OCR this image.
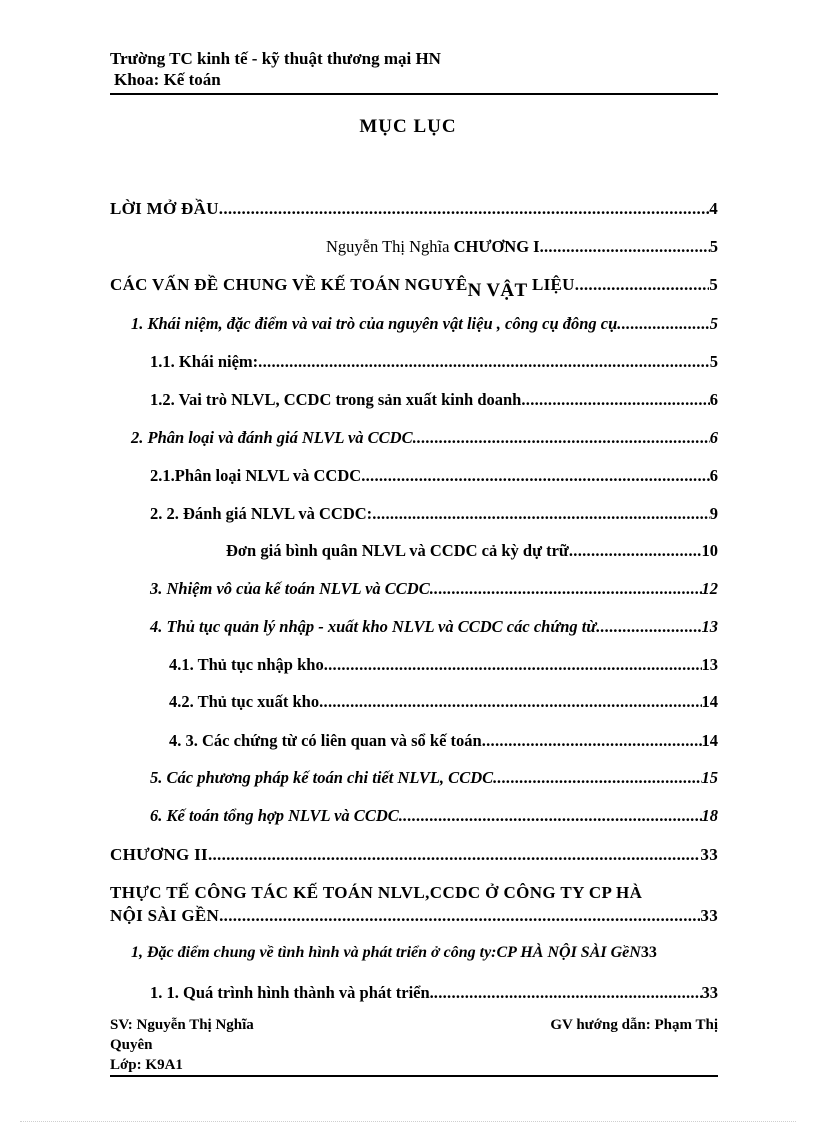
Trường TC kinh tế - kỹ thuật thương mại HN
Khoa: Kế toán
MỤC LỤC
LỜI MỞ ĐẦU .....	4
Nguyễn Thị Nghĩa CHƯƠNG I .....	5
CÁC VẤN ĐỀ CHUNG VỀ KẾ TOÁN NGUYÊN VẬT LIỆU .....	5
1. Khái niệm, đặc điểm và vai trò của nguyên vật liệu , công cụ đông cụ .....	5
1.1. Khái niệm: .....	5
1.2. Vai trò NLVL, CCDC trong sản xuất kinh doanh .....	6
2. Phân loại và đánh giá NLVL và CCDC .....	6
2.1.Phân loại NLVL và CCDC .....	6
2. 2. Đánh giá NLVL và CCDC: .....	9
Đơn giá bình quân NLVL và CCDC cả kỳ dự trữ .....	10
3. Nhiệm vô của kế toán NLVL và CCDC .....	12
4. Thủ tục quản lý nhập - xuất kho NLVL và CCDC các chứng từ .....	13
4.1. Thủ tục nhập kho .....	13
4.2. Thủ tục xuất kho .....	14
4. 3. Các chứng từ có liên quan và sổ kế toán .....	14
5. Các phương pháp kế toán chi tiết NLVL, CCDC .....	15
6. Kế toán tổng hợp NLVL và CCDC .....	18
CHƯƠNG II .....	33
THỰC TẾ CÔNG TÁC KẾ TOÁN NLVL,CCDC Ở CÔNG TY CP HÀ
NỘI SÀI GỀN .....	33
1, Đặc điểm chung về tình hình và phát triển ở công ty:CP HÀ NỘI SÀI GềN 33
1. 1. Quá trình hình thành và phát triển. .....	33
SV: Nguyễn Thị Nghĩa
Quyên
Lớp: K9A1
GV hướng dẫn: Phạm Thị
